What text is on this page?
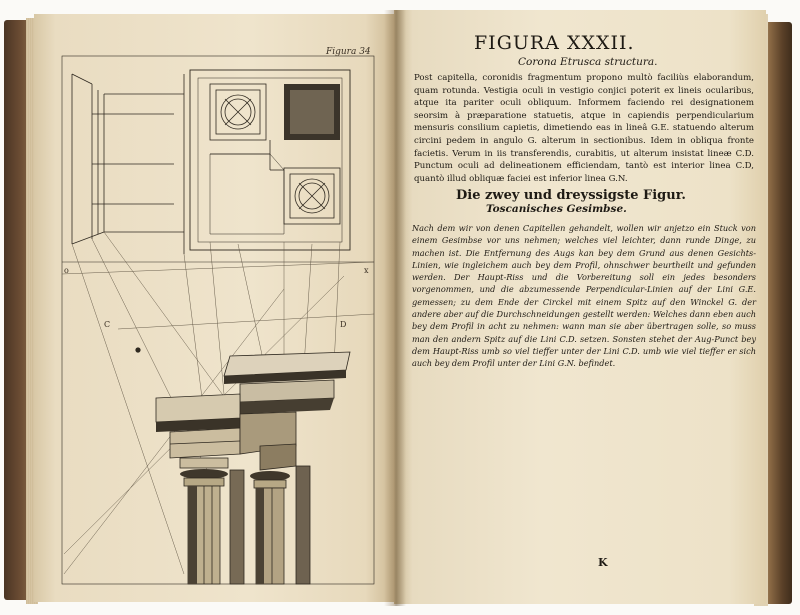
Figura 34

C	D

o	x

FIGURA XXXII.

Corona Etrusca structura.

Post capitella, coronidis fragmentum propono multò faciliùs elaborandum, quam rotunda. Vestigia oculi in vestigio conjici poterit ex lineis ocularibus, atque ita pariter oculi obliquum. Informem faciendo rei designationem seorsim à præparatione statuetis, atque in capiendis perpendicularium mensuris consilium capietis, dimetiendo eas in lineâ G.E. statuendo alterum circini pedem in angulo G. alterum in sectionibus. Idem in obliqua fronte facietis. Verum in iis transferendis, curabitis, ut alterum insistat lineæ C.D. Punctum oculi ad delineationem efficiendam, tantò est interior linea C.D, quantò illud obliquæ faciei est inferior linea G.N.

Die zwey und dreyssigste Figur.

Toscanisches Gesimbse.

Nach dem wir von denen Capitellen gehandelt, wollen wir anjetzo ein Stuck von einem Gesimbse vor uns nehmen; welches viel leichter, dann runde Dinge, zu machen ist. Die Entfernung des Augs kan bey dem Grund aus denen Gesichts-Linien, wie ingleichem auch bey dem Profil, ohnschwer beurtheilt und gefunden werden. Der Haupt-Riss und die Vorbereitung soll ein jedes besonders vorgenommen, und die abzumessende Perpendicular-Linien auf der Lini G.E. gemessen; zu dem Ende der Circkel mit einem Spitz auf den Winckel G. der andere aber auf die Durchschneidungen gestellt werden: Welches dann eben auch bey dem Profil in acht zu nehmen: wann man sie aber übertragen solle, so muss man den andern Spitz auf die Lini C.D. setzen. Sonsten stehet der Aug-Punct bey dem Haupt-Riss umb so viel tieffer unter der Lini C.D. umb wie viel tieffer er sich auch bey dem Profil unter der Lini G.N. befindet.

K
